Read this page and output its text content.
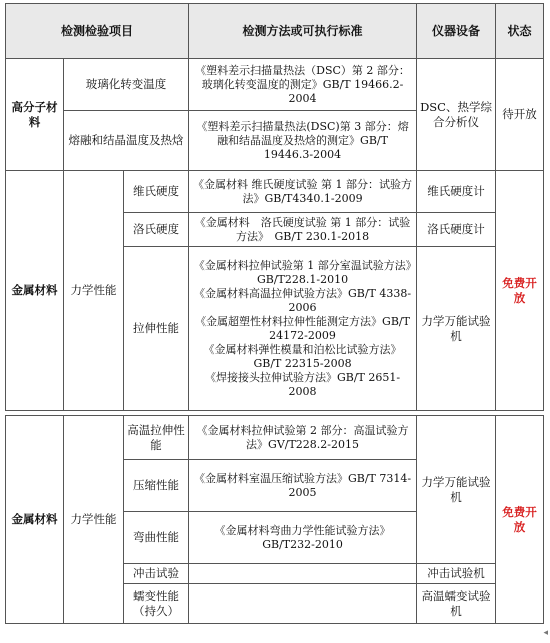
检测检验项目			检测方法或可执行标准	仪器设备	状态
高分子材料	玻璃化转变温度		《塑料差示扫描量热法（DSC）第 2 部分：玻璃化转变温度的测定》GB/T 19466.2-2004	DSC、热学综合分析仪	待开放
	熔融和结晶温度及热焓		《塑料差示扫描量热法(DSC)第 3 部分：熔融和结晶温度及热焓的测定》GB/T 19446.3-2004		
金属材料	力学性能	维氏硬度	《金属材料 维氏硬度试验 第 1 部分：试验方法》GB/T4340.1-2009	维氏硬度计	免费开放
		洛氏硬度	《金属材料　洛氏硬度试验 第 1 部分：试验方法》　GB/T 230.1-2018	洛氏硬度计	
		拉伸性能	《金属材料拉伸试验第 1 部分室温试验方法》GB/T228.1-2010
《金属材料高温拉伸试验方法》GB/T 4338-2006
《金属超塑性材料拉伸性能测定方法》GB/T 24172-2009
《金属材料弹性模量和泊松比试验方法》GB/T 22315-2008
《焊接接头拉伸试验方法》GB/T 2651-2008	力学万能试验机	

金属材料	力学性能	高温拉伸性能	《金属材料拉伸试验第 2 部分：高温试验方法》GV/T228.2-2015	力学万能试验机	免费开放
		压缩性能	《金属材料室温压缩试验方法》GB/T 7314-2005		
		弯曲性能	《金属材料弯曲力学性能试验方法》GB/T232-2010		
		冲击试验		冲击试验机	
		蠕变性能（持久）		高温蠕变试验机	
◂
